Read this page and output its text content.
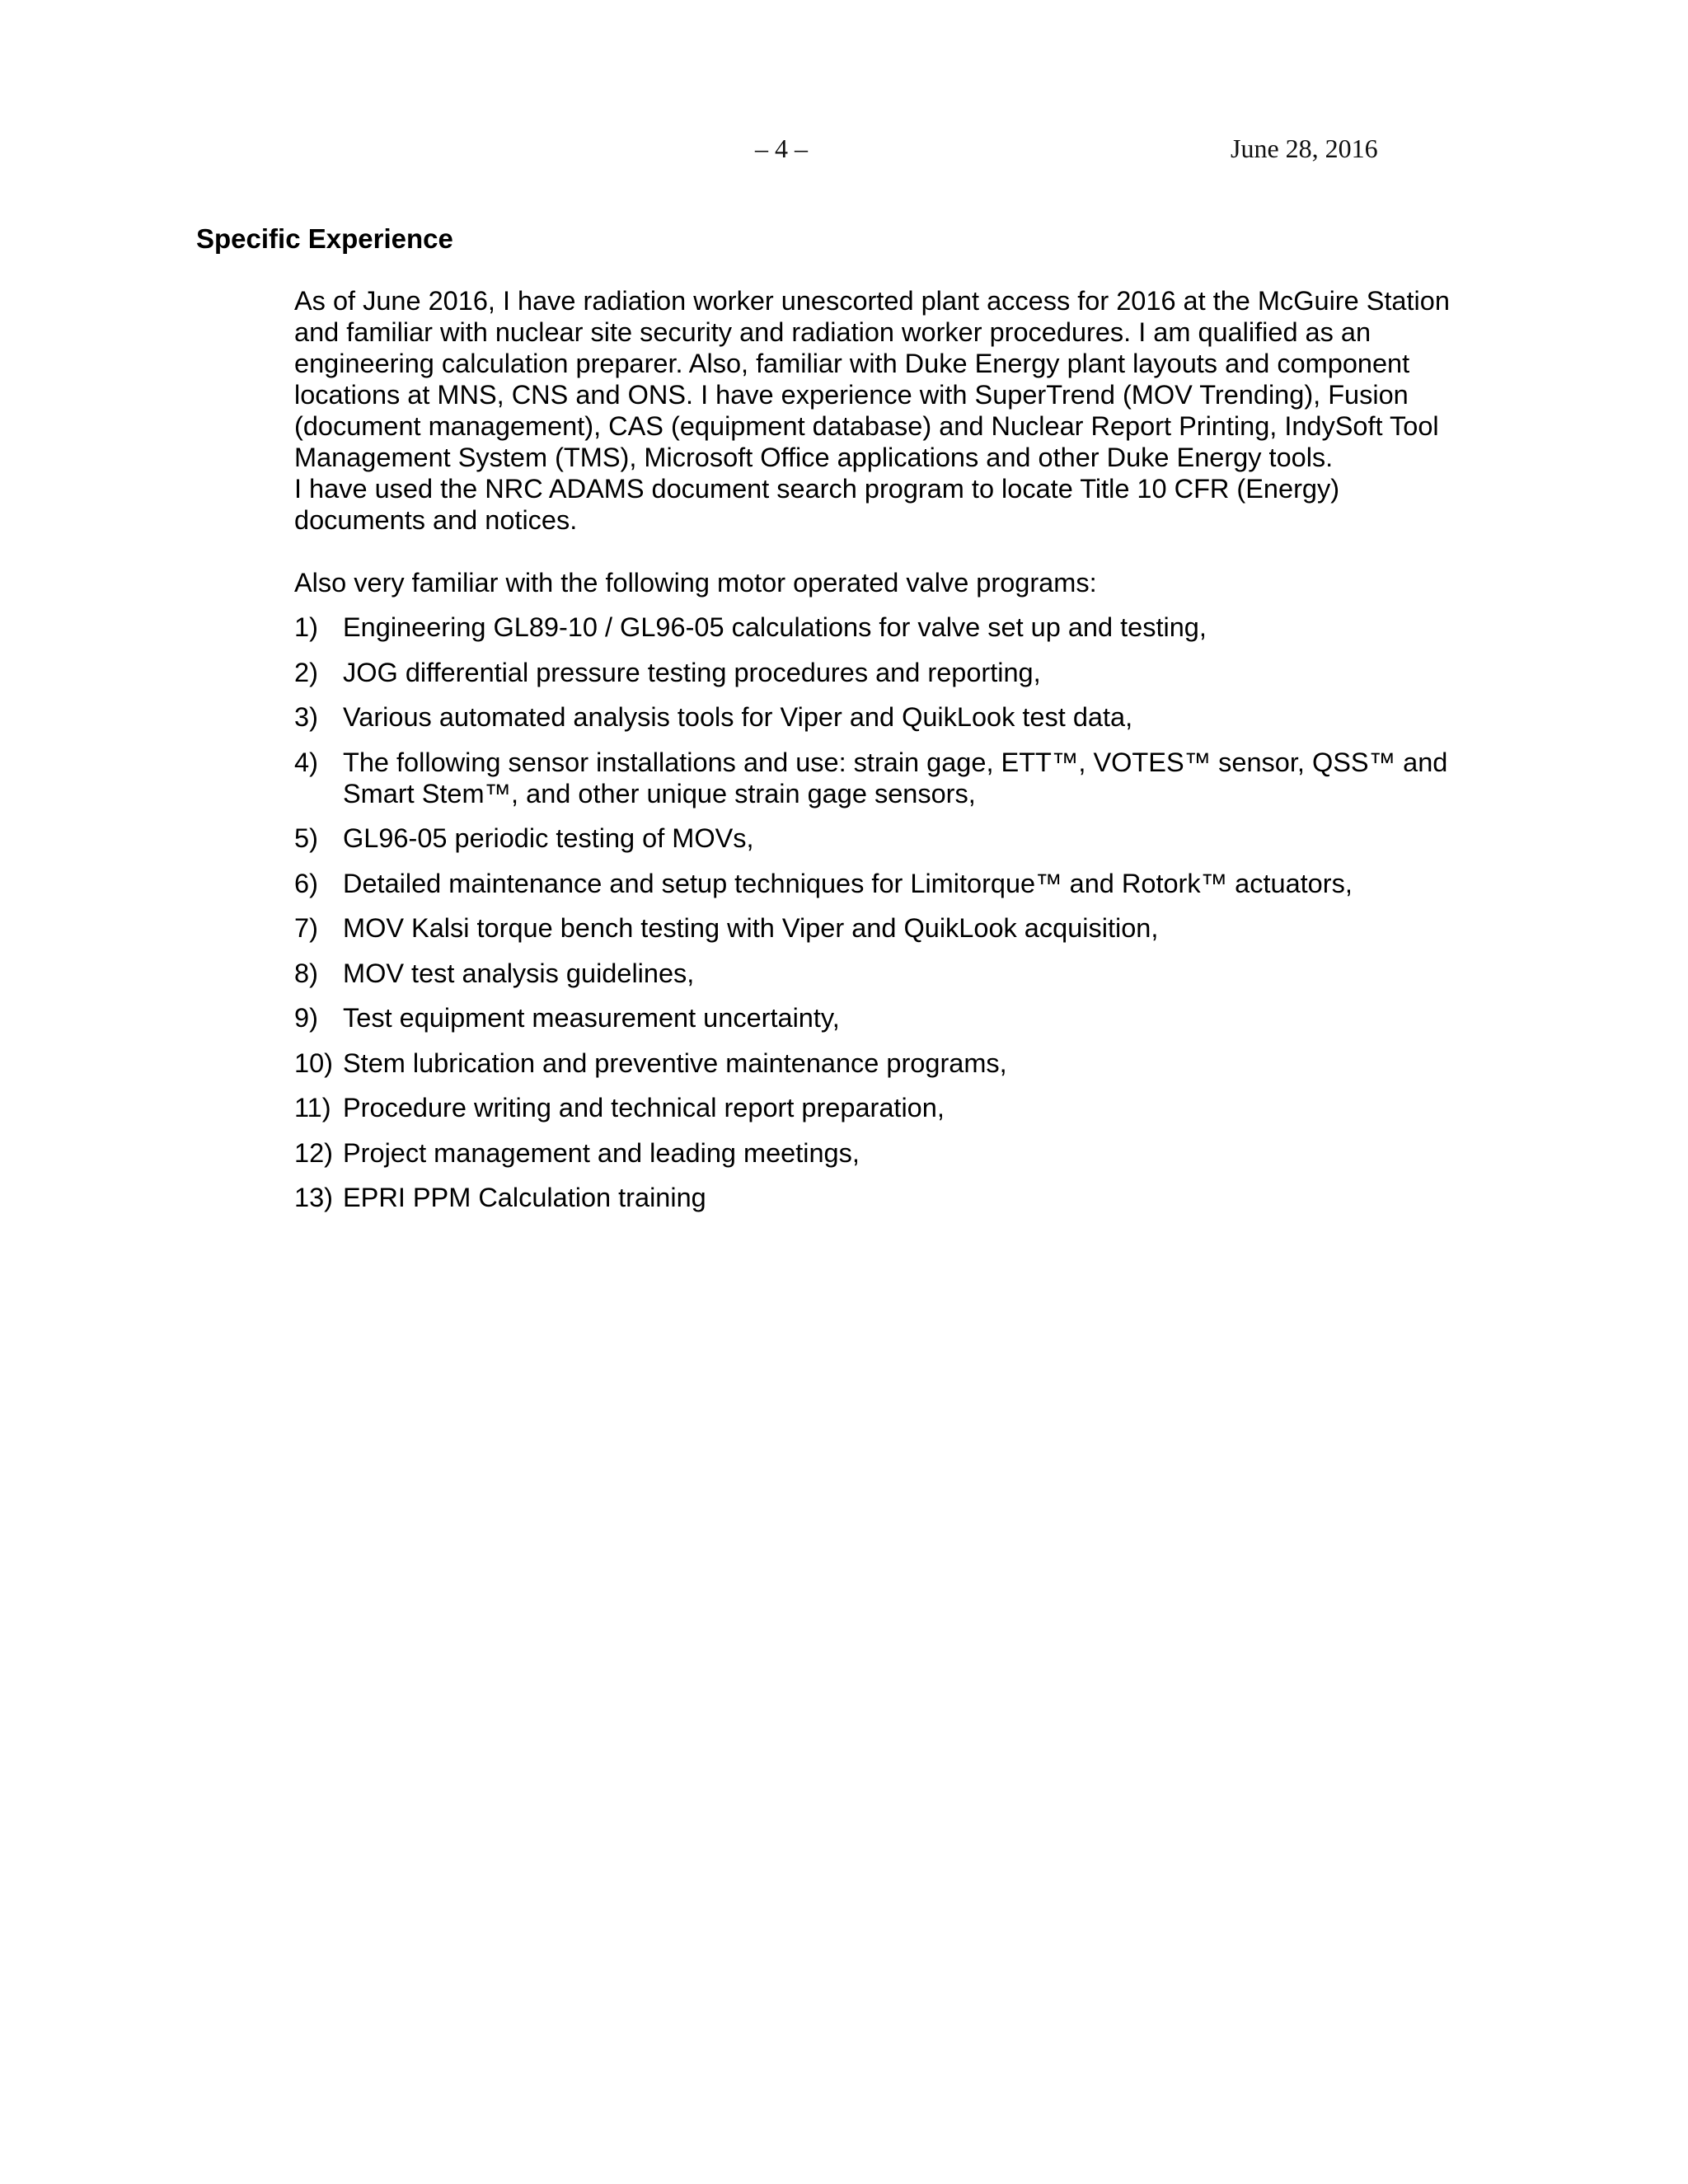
– 4 –	June 28, 2016
Specific Experience
As of June 2016, I have radiation worker unescorted plant access for 2016 at the McGuire Station
and familiar with nuclear site security and radiation worker procedures. I am qualified as an
engineering calculation preparer. Also, familiar with Duke Energy plant layouts and component
locations at MNS, CNS and ONS. I have experience with SuperTrend (MOV Trending), Fusion
(document management), CAS (equipment database) and Nuclear Report Printing, IndySoft Tool
Management System (TMS), Microsoft Office applications and other Duke Energy tools.
I have used the NRC ADAMS document search program to locate Title 10 CFR (Energy)
documents and notices.
Also very familiar with the following motor operated valve programs:
1) Engineering GL89-10 / GL96-05 calculations for valve set up and testing,
2) JOG differential pressure testing procedures and reporting,
3) Various automated analysis tools for Viper and QuikLook test data,
4) The following sensor installations and use: strain gage, ETT™, VOTES™ sensor, QSS™ and
Smart Stem™, and other unique strain gage sensors,
5) GL96-05 periodic testing of MOVs,
6) Detailed maintenance and setup techniques for Limitorque™ and Rotork™ actuators,
7) MOV Kalsi torque bench testing with Viper and QuikLook acquisition,
8) MOV test analysis guidelines,
9) Test equipment measurement uncertainty,
10) Stem lubrication and preventive maintenance programs,
11) Procedure writing and technical report preparation,
12) Project management and leading meetings,
13) EPRI PPM Calculation training
